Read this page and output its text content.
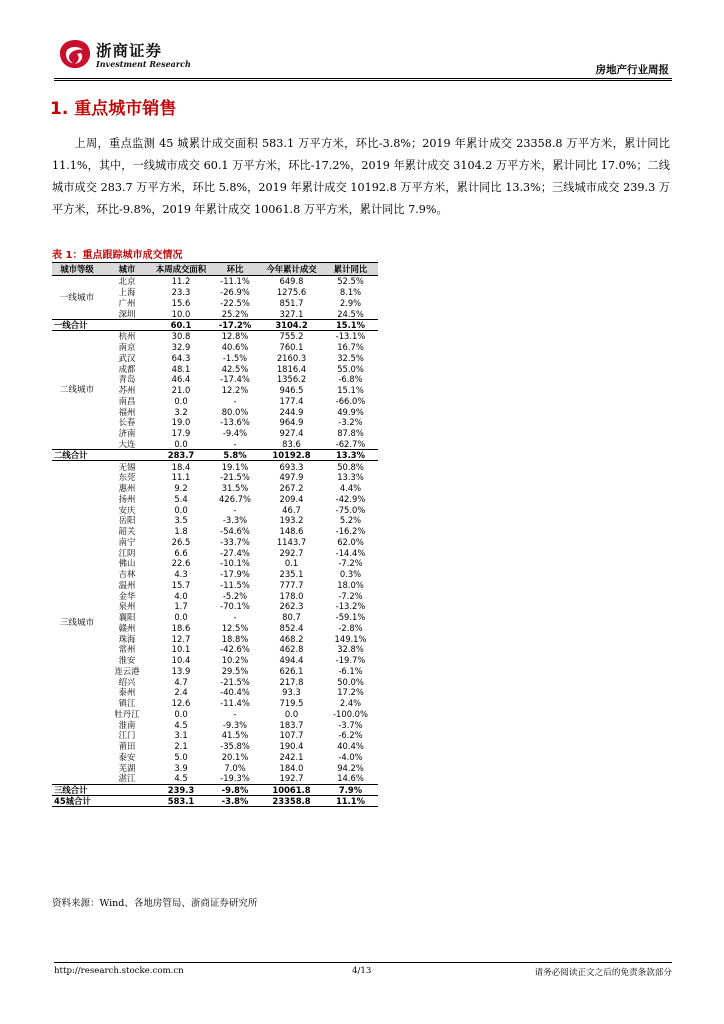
浙商证券
Investment Research	房地产行业周报
1. 重点城市销售

上周，重点监测 45 城累计成交面积 583.1 万平方米，环比-3.8%；2019 年累计成交 23358.8 万平方米，累计同比 11.1%，其中，一线城市成交 60.1 万平方米，环比-17.2%，2019 年累计成交 3104.2 万平方米，累计同比 17.0%；二线城市成交 283.7 万平方米，环比 5.8%，2019 年累计成交 10192.8 万平方米，累计同比 13.3%；三线城市成交 239.3 万平方米，环比-9.8%，2019 年累计成交 10061.8 万平方米，累计同比 7.9%。

表 1：重点跟踪城市成交情况
城市等级	城市	本周成交面积	环比	今年累计成交	累计同比
一线城市	北京	11.2	-11.1%	649.8	52.5%
	上海	23.3	-26.9%	1275.6	8.1%
	广州	15.6	-22.5%	851.7	2.9%
	深圳	10.0	25.2%	327.1	24.5%
一线合计		60.1	-17.2%	3104.2	15.1%
二线城市	杭州	30.8	12.8%	755.2	-13.1%
	南京	32.9	40.6%	760.1	16.7%
	武汉	64.3	-1.5%	2160.3	32.5%
	成都	48.1	42.5%	1816.4	55.0%
	青岛	46.4	-17.4%	1356.2	-6.8%
	苏州	21.0	12.2%	946.5	15.1%
	南昌	0.0	-	177.4	-66.0%
	福州	3.2	80.0%	244.9	49.9%
	长春	19.0	-13.6%	964.9	-3.2%
	济南	17.9	-9.4%	927.4	87.8%
	大连	0.0	-	83.6	-62.7%
二线合计		283.7	5.8%	10192.8	13.3%
三线城市	无锡	18.4	19.1%	693.3	50.8%
	东莞	11.1	-21.5%	497.9	13.3%
	惠州	9.2	31.5%	267.2	4.4%
	扬州	5.4	426.7%	209.4	-42.9%
	安庆	0.0	-	46.7	-75.0%
	岳阳	3.5	-3.3%	193.2	5.2%
	韶关	1.8	-54.6%	148.6	-16.2%
	南宁	26.5	-33.7%	1143.7	62.0%
	江阴	6.6	-27.4%	292.7	-14.4%
	佛山	22.6	-10.1%	0.1	-7.2%
	吉林	4.3	-17.9%	235.1	0.3%
	温州	15.7	-11.5%	777.7	18.0%
	金华	4.0	-5.2%	178.0	-7.2%
	泉州	1.7	-70.1%	262.3	-13.2%
	襄阳	0.0	-	80.7	-59.1%
	赣州	18.6	12.5%	852.4	-2.8%
	珠海	12.7	18.8%	468.2	149.1%
	常州	10.1	-42.6%	462.8	32.8%
	淮安	10.4	10.2%	494.4	-19.7%
	连云港	13.9	29.5%	626.1	-6.1%
	绍兴	4.7	-21.5%	217.8	50.0%
	泰州	2.4	-40.4%	93.3	17.2%
	镇江	12.6	-11.4%	719.5	2.4%
	牡丹江	0.0	-	0.0	-100.0%
	淮南	4.5	-9.3%	183.7	-3.7%
	江门	3.1	41.5%	107.7	-6.2%
	莆田	2.1	-35.8%	190.4	40.4%
	泰安	5.0	20.1%	242.1	-4.0%
	芜湖	3.9	7.0%	184.0	94.2%
	湛江	4.5	-19.3%	192.7	14.6%
三线合计		239.3	-9.8%	10061.8	7.9%
45城合计		583.1	-3.8%	23358.8	11.1%
资料来源：Wind、各地房管局、浙商证券研究所
http://research.stocke.com.cn	4/13	请务必阅读正文之后的免责条款部分
